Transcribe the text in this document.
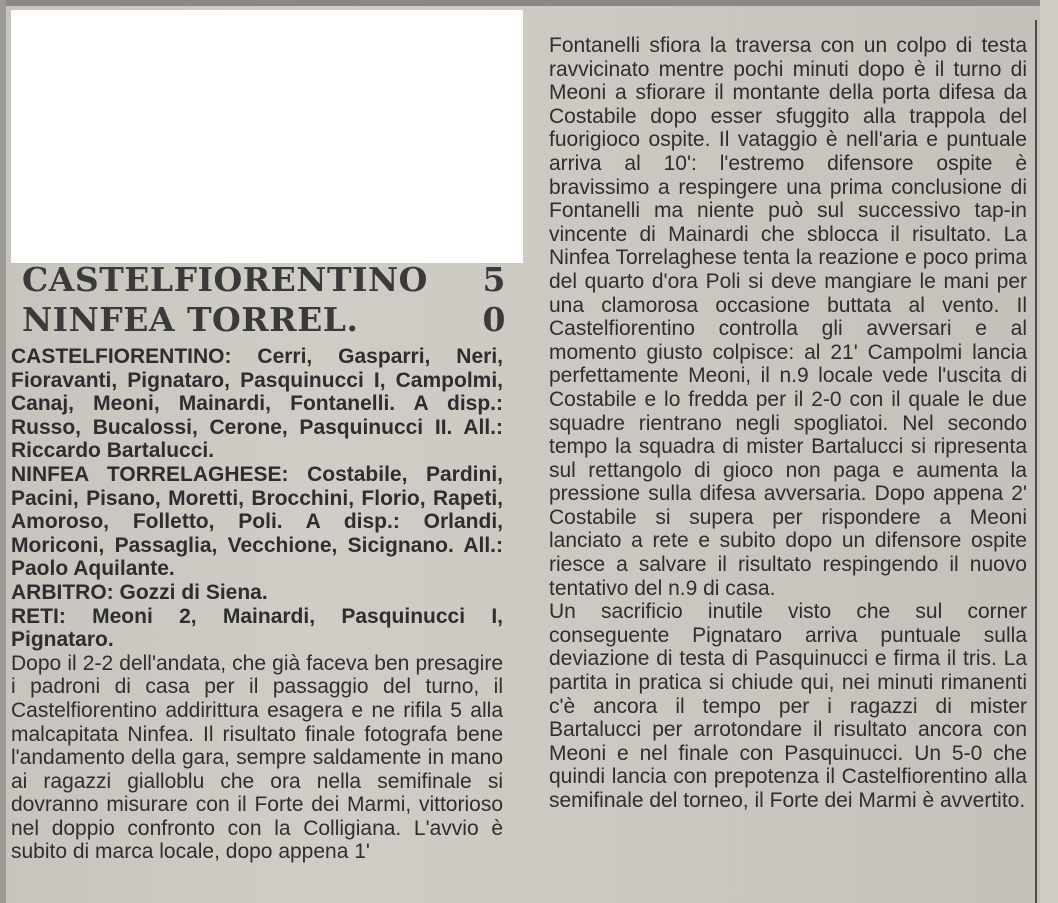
CASTELFIORENTINO 5
NINFEA TORREL.	0

CASTELFIORENTINO: Cerri, Gasparri, Neri, Fioravanti, Pignataro, Pasquinucci I, Campolmi, Canaj, Meoni, Mainardi, Fontanelli. A disp.: Russo, Bucalossi, Cerone, Pasquinucci II. All.: Riccardo Bartalucci.

NINFEA TORRELAGHESE: Costabile, Pardini, Pacini, Pisano, Moretti, Brocchini, Florio, Rapeti, Amoroso, Folletto, Poli. A disp.: Orlandi, Moriconi, Passaglia, Vecchione, Sicignano. All.: Paolo Aquilante.

ARBITRO: Gozzi di Siena.

RETI: Meoni 2, Mainardi, Pasquinucci I, Pignataro.

Dopo il 2-2 dell'andata, che già faceva ben presagire i padroni di casa per il passaggio del turno, il Castelfiorentino addirittura esagera e ne rifila 5 alla malcapitata Ninfea. Il risultato finale fotografa bene l'andamento della gara, sempre saldamente in mano ai ragazzi gialloblu che ora nella semifinale si dovranno misurare con il Forte dei Marmi, vittorioso nel doppio confronto con la Colligiana. L'avvio è subito di marca locale, dopo appena 1'

Fontanelli sfiora la traversa con un colpo di testa ravvicinato mentre pochi minuti dopo è il turno di Meoni a sfiorare il montante della porta difesa da Costabile dopo esser sfuggito alla trappola del fuorigioco ospite. Il vataggio è nell'aria e puntuale arriva al 10': l'estremo difensore ospite è bravissimo a respingere una prima conclusione di Fontanelli ma niente può sul successivo tap-in vincente di Mainardi che sblocca il risultato. La Ninfea Torrelaghese tenta la reazione e poco prima del quarto d'ora Poli si deve mangiare le mani per una clamorosa occasione buttata al vento. Il Castelfiorentino controlla gli avversari e al momento giusto colpisce: al 21' Campolmi lancia perfettamente Meoni, il n.9 locale vede l'uscita di Costabile e lo fredda per il 2-0 con il quale le due squadre rientrano negli spogliatoi. Nel secondo tempo la squadra di mister Bartalucci si ripresenta sul rettangolo di gioco non paga e aumenta la pressione sulla difesa avversaria. Dopo appena 2' Costabile si supera per rispondere a Meoni lanciato a rete e subito dopo un difensore ospite riesce a salvare il risultato respingendo il nuovo tentativo del n.9 di casa.

Un sacrificio inutile visto che sul corner conseguente Pignataro arriva puntuale sulla deviazione di testa di Pasquinucci e firma il tris. La partita in pratica si chiude qui, nei minuti rimanenti c'è ancora il tempo per i ragazzi di mister Bartalucci per arrotondare il risultato ancora con Meoni e nel finale con Pasquinucci. Un 5-0 che quindi lancia con prepotenza il Castelfiorentino alla semifinale del torneo, il Forte dei Marmi è avvertito.
